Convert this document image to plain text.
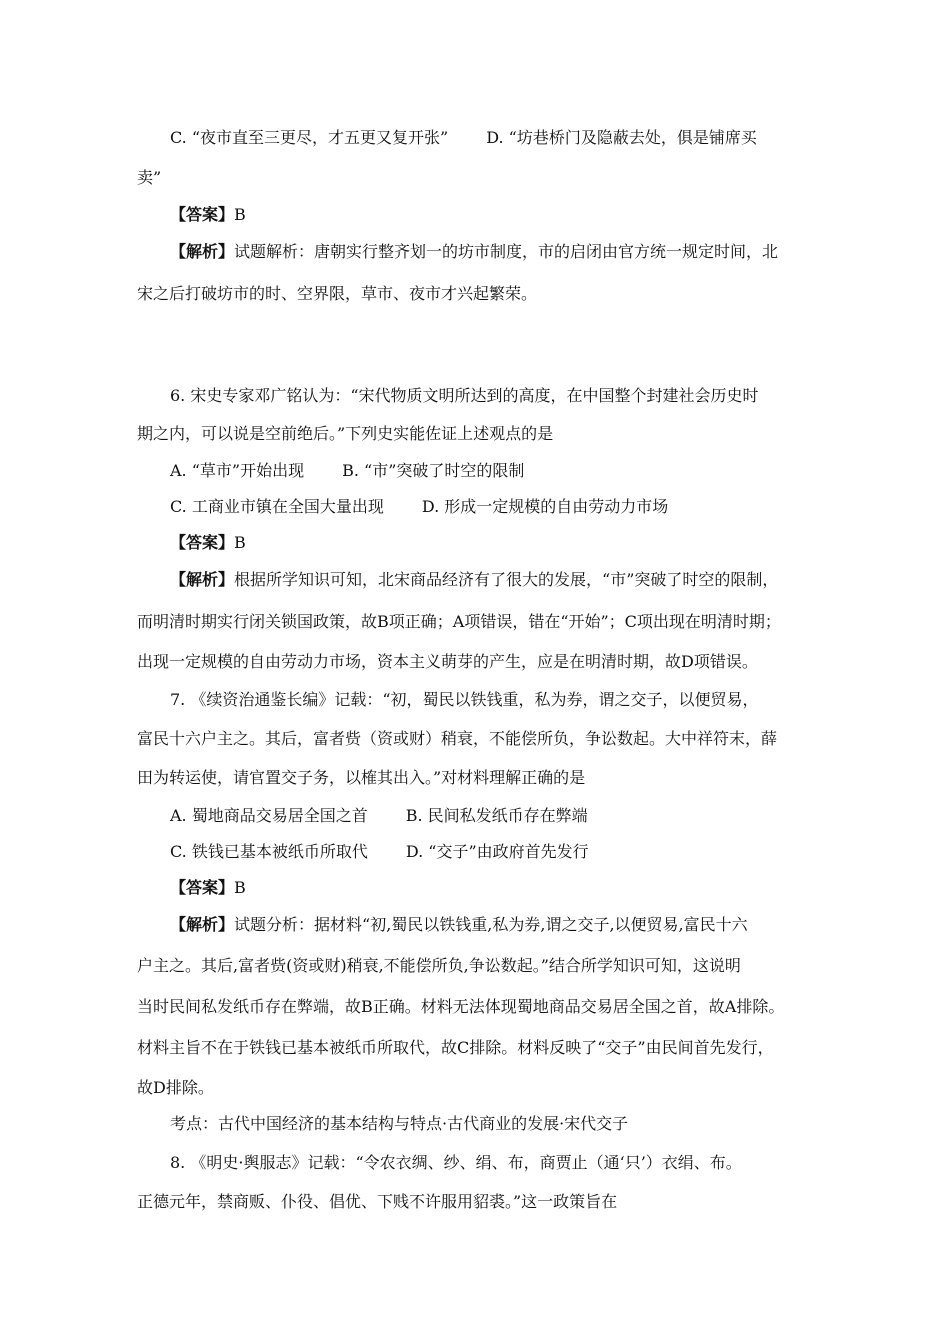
C. “夜市直至三更尽，才五更又复开张” D. “坊巷桥门及隐蔽去处，俱是铺席买
卖”
【答案】B
【解析】试题解析：唐朝实行整齐划一的坊市制度，市的启闭由官方统一规定时间，北
宋之后打破坊市的时、空界限，草市、夜市才兴起繁荣。
6. 宋史专家邓广铭认为：“宋代物质文明所达到的高度，在中国整个封建社会历史时
期之内，可以说是空前绝后。”下列史实能佐证上述观点的是
A. “草市”开始出现 B. “市”突破了时空的限制
C. 工商业市镇在全国大量出现 D. 形成一定规模的自由劳动力市场
【答案】B
【解析】根据所学知识可知，北宋商品经济有了很大的发展，“市”突破了时空的限制，
而明清时期实行闭关锁国政策，故B项正确；A项错误，错在“开始”；C项出现在明清时期；
出现一定规模的自由劳动力市场，资本主义萌芽的产生，应是在明清时期，故D项错误。
7. 《续资治通鉴长编》记载：“初，蜀民以铁钱重，私为券，谓之交子，以便贸易，
富民十六户主之。其后，富者赀（资或财）稍衰，不能偿所负，争讼数起。大中祥符末，薛
田为转运使，请官置交子务，以榷其出入。”对材料理解正确的是
A. 蜀地商品交易居全国之首 B. 民间私发纸币存在弊端
C. 铁钱已基本被纸币所取代 D. “交子”由政府首先发行
【答案】B
【解析】试题分析：据材料“初,蜀民以铁钱重,私为券,谓之交子,以便贸易,富民十六
户主之。其后,富者赀(资或财)稍衰,不能偿所负,争讼数起。”结合所学知识可知，这说明
当时民间私发纸币存在弊端，故B正确。材料无法体现蜀地商品交易居全国之首，故A排除。
材料主旨不在于铁钱已基本被纸币所取代，故C排除。材料反映了“交子”由民间首先发行，
故D排除。
考点：古代中国经济的基本结构与特点·古代商业的发展·宋代交子
8. 《明史·舆服志》记载：“令农衣绸、纱、绢、布，商贾止（通‘只’）衣绢、布。
正德元年，禁商贩、仆役、倡优、下贱不许服用貂裘。”这一政策旨在
